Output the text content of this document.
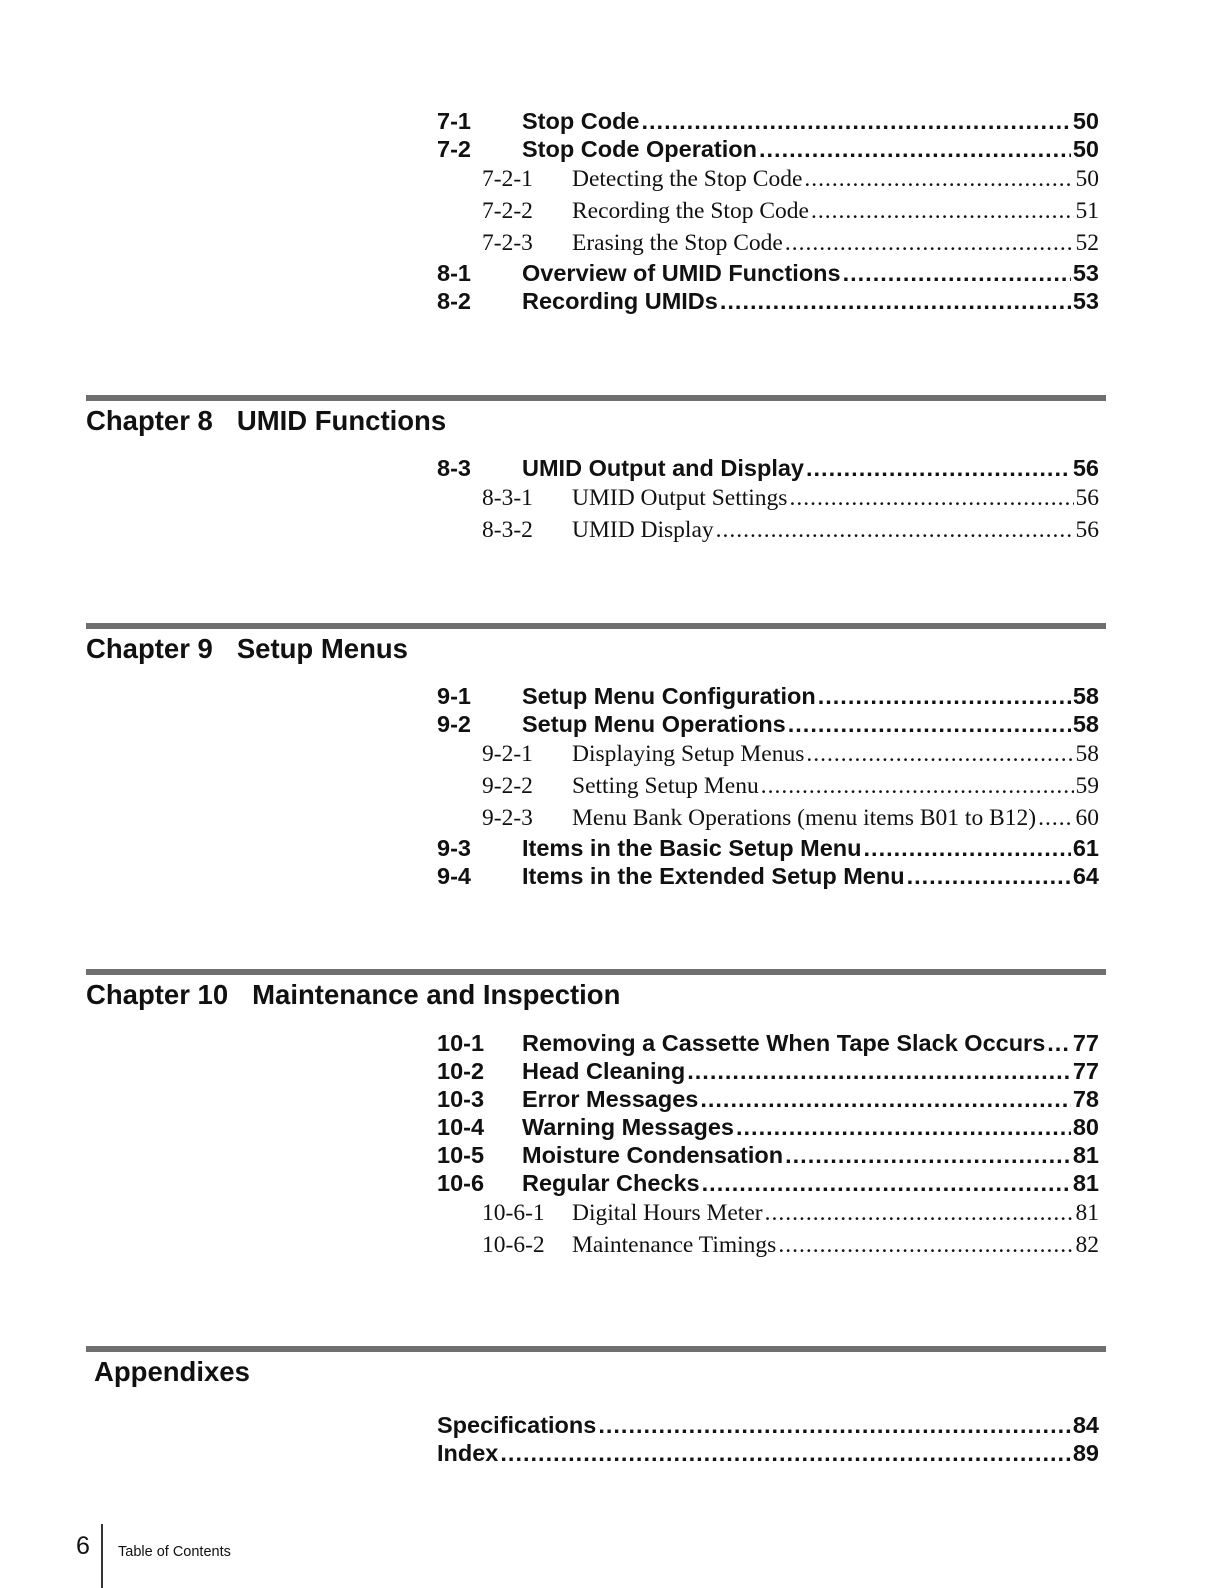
7-1	Stop Code .....	50
7-2	Stop Code Operation .....	50
7-2-1	Detecting the Stop Code .....	50
7-2-2	Recording the Stop Code .....	51
7-2-3	Erasing the Stop Code .....	52
8-1	Overview of UMID Functions .....	53
8-2	Recording UMIDs .....	53
Chapter 8 UMID Functions
8-3	UMID Output and Display .....	56
8-3-1	UMID Output Settings .....	56
8-3-2	UMID Display .....	56
Chapter 9 Setup Menus
9-1	Setup Menu Configuration .....	58
9-2	Setup Menu Operations .....	58
9-2-1	Displaying Setup Menus .....	58
9-2-2	Setting Setup Menu .....	59
9-2-3	Menu Bank Operations (menu items B01 to B12) ..... 60
9-3	Items in the Basic Setup Menu .....	61
9-4	Items in the Extended Setup Menu .....	64
Chapter 10 Maintenance and Inspection
10-1	Removing a Cassette When Tape Slack Occurs ..... 77
10-2	Head Cleaning .....	77
10-3	Error Messages .....	78
10-4	Warning Messages .....	80
10-5	Moisture Condensation .....	81
10-6	Regular Checks .....	81
10-6-1	Digital Hours Meter .....	81
10-6-2	Maintenance Timings .....	82
Appendixes
Specifications .....	84
Index .....	89
6 Table of Contents
